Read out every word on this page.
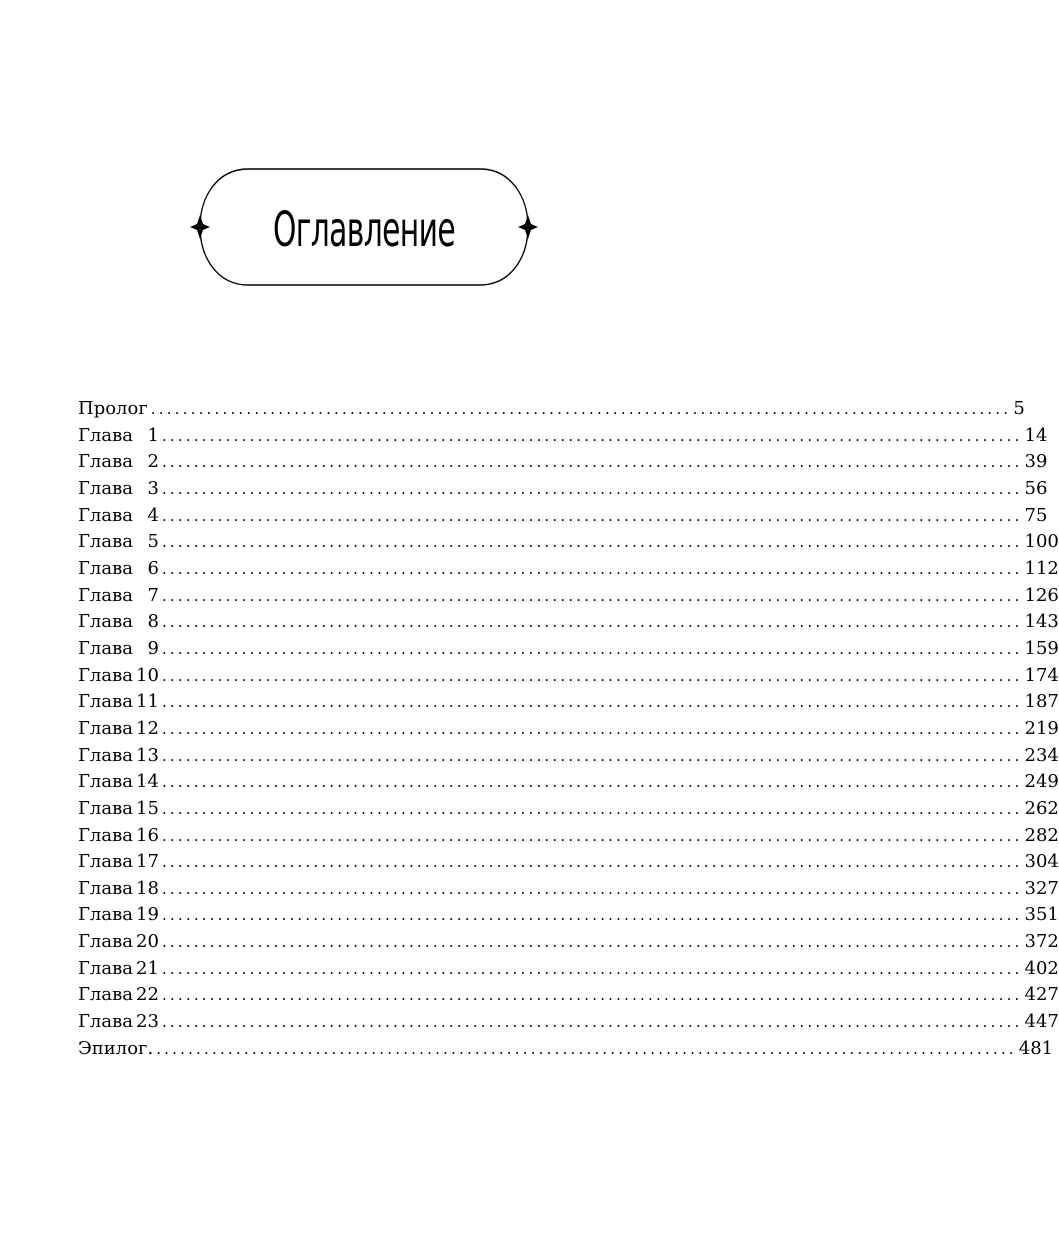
Оглавление
Пролог ............................................................................................................ 5
Глава 1 ............................................................................................................ 14
Глава 2 ............................................................................................................ 39
Глава 3 ............................................................................................................ 56
Глава 4 ............................................................................................................ 75
Глава 5 ............................................................................................................ 100
Глава 6 ............................................................................................................ 112
Глава 7 ............................................................................................................ 126
Глава 8 ............................................................................................................ 143
Глава 9 ............................................................................................................ 159
Глава 10 ............................................................................................................ 174
Глава 11 ............................................................................................................ 187
Глава 12 ............................................................................................................ 219
Глава 13 ............................................................................................................ 234
Глава 14 ............................................................................................................ 249
Глава 15 ............................................................................................................ 262
Глава 16 ............................................................................................................ 282
Глава 17 ............................................................................................................ 304
Глава 18 ............................................................................................................ 327
Глава 19 ............................................................................................................ 351
Глава 20 ............................................................................................................ 372
Глава 21 ............................................................................................................ 402
Глава 22 ............................................................................................................ 427
Глава 23 ............................................................................................................ 447
Эпилог. ............................................................................................................ 481
